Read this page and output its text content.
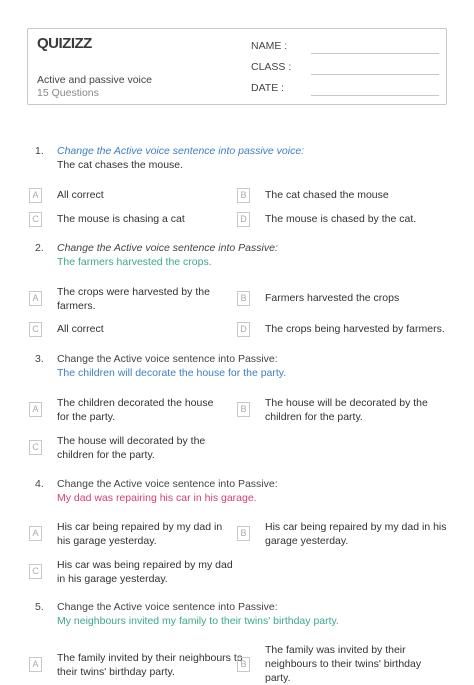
QUIZIZZ
Active and passive voice
15 Questions
NAME :
CLASS :
DATE :
1. Change the Active voice sentence into passive voice:
The cat chases the mouse.
A	All correct	B	The cat chased the mouse
C	The mouse is chasing a cat	D	The mouse is chased by the cat.
2. Change the Active voice sentence into Passive:
The farmers harvested the crops.
A	The crops were harvested by the farmers.
B	Farmers harvested the crops
C	All correct	D	The crops being harvested by farmers.
3. Change the Active voice sentence into Passive:
The children will decorate the house for the party.
A	The children decorated the house for the party.
B	The house will be decorated by the children for the party.
C	The house will decorated by the children for the party.
4. Change the Active voice sentence into Passive:
My dad was repairing his car in his garage.
A	His car being repaired by my dad in his garage yesterday.
B	His car being repaired by my dad in his garage yesterday.
C	His car was being repaired by my dad in his garage yesterday.
5. Change the Active voice sentence into Passive:
My neighbours invited my family to their twins' birthday party.
A	The family invited by their neighbours to their twins' birthday party.
B
The family was invited by their neighbours to their twins' birthday party.
